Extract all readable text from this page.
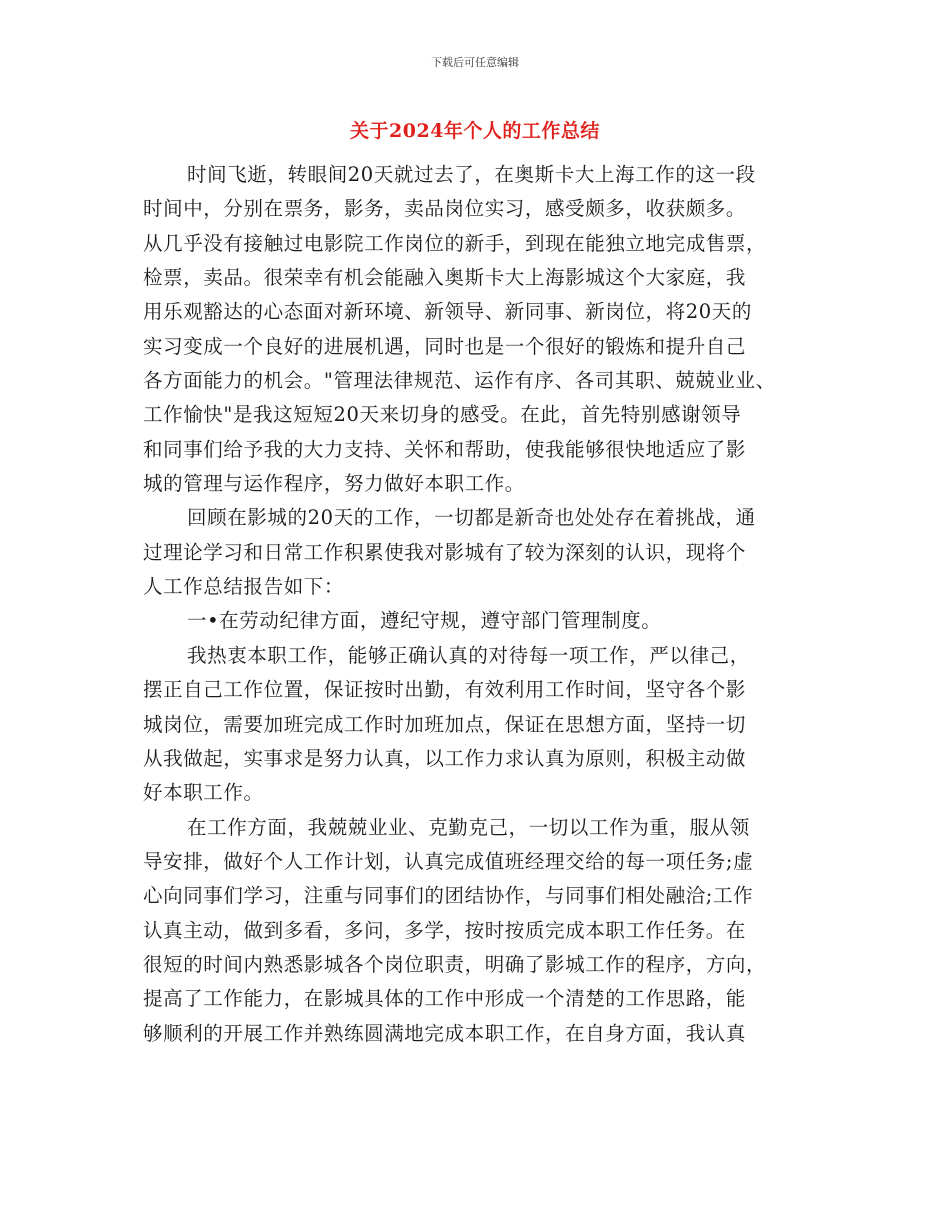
下载后可任意编辑
关于2024年个人的工作总结
时间飞逝，转眼间20天就过去了，在奥斯卡大上海工作的这一段
时间中，分别在票务，影务，卖品岗位实习，感受颇多，收获颇多。
从几乎没有接触过电影院工作岗位的新手，到现在能独立地完成售票，
检票，卖品。很荣幸有机会能融入奥斯卡大上海影城这个大家庭，我
用乐观豁达的心态面对新环境、新领导、新同事、新岗位，将20天的
实习变成一个良好的进展机遇，同时也是一个很好的锻炼和提升自己
各方面能力的机会。"管理法律规范、运作有序、各司其职、兢兢业业、
工作愉快"是我这短短20天来切身的感受。在此，首先特别感谢领导
和同事们给予我的大力支持、关怀和帮助，使我能够很快地适应了影
城的管理与运作程序，努力做好本职工作。
回顾在影城的20天的工作，一切都是新奇也处处存在着挑战，通
过理论学习和日常工作积累使我对影城有了较为深刻的认识，现将个
人工作总结报告如下：
一•在劳动纪律方面，遵纪守规，遵守部门管理制度。
我热衷本职工作，能够正确认真的对待每一项工作，严以律己，
摆正自己工作位置，保证按时出勤，有效利用工作时间，坚守各个影
城岗位，需要加班完成工作时加班加点，保证在思想方面，坚持一切
从我做起，实事求是努力认真，以工作力求认真为原则，积极主动做
好本职工作。
在工作方面，我兢兢业业、克勤克己，一切以工作为重，服从领
导安排，做好个人工作计划，认真完成值班经理交给的每一项任务;虚
心向同事们学习，注重与同事们的团结协作，与同事们相处融洽;工作
认真主动，做到多看，多问，多学，按时按质完成本职工作任务。在
很短的时间内熟悉影城各个岗位职责，明确了影城工作的程序，方向，
提高了工作能力，在影城具体的工作中形成一个清楚的工作思路，能
够顺利的开展工作并熟练圆满地完成本职工作，在自身方面，我认真
